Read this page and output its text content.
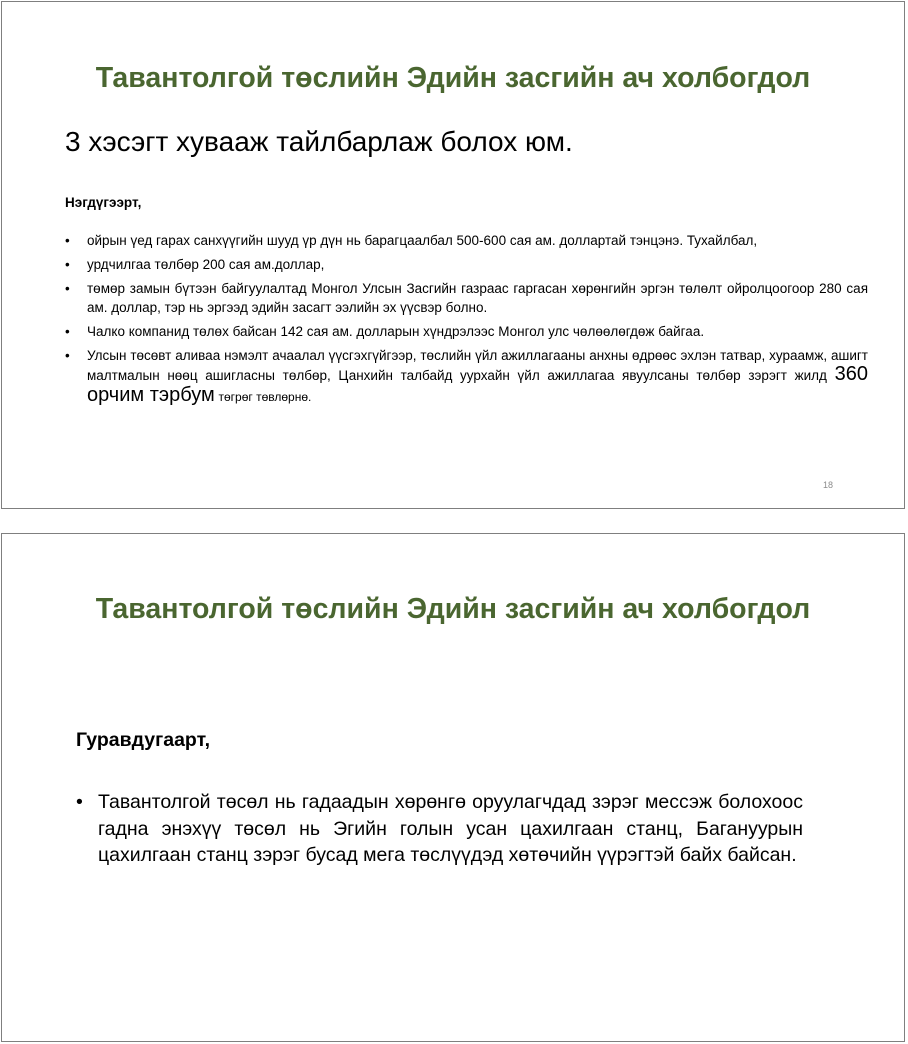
Тавантолгой төслийн Эдийн засгийн ач холбогдол
3 хэсэгт хувааж тайлбарлаж болох юм.
Нэгдүгээрт,
• ойрын үед гарах санхүүгийн шууд үр дүн нь барагцаалбал 500-600 сая ам. доллартай тэнцэнэ. Тухайлбал,
• урдчилгаа төлбөр 200 сая ам.доллар,
• төмөр замын бүтээн байгуулалтад Монгол Улсын Засгийн газраас гаргасан хөрөнгийн эргэн төлөлт ойролцоогоор 280 сая ам. доллар, тэр нь эргээд эдийн засагт ээлийн эх үүсвэр болно.
• Чалко компанид төлөх байсан 142 сая ам. долларын хүндрэлээс Монгол улс чөлөөлөгдөж байгаа.
• Улсын төсөвт аливаа нэмэлт ачаалал үүсгэхгүйгээр, төслийн үйл ажиллагааны анхны өдрөөс эхлэн татвар, хураамж, ашигт малтмалын нөөц ашигласны төлбөр, Цанхийн талбайд уурхайн үйл ажиллагаа явуулсаны төлбөр зэрэгт жилд 360 орчим тэрбум төгрөг төвлөрнө.
18
Тавантолгой төслийн Эдийн засгийн ач холбогдол
Гуравдугаарт,
• Тавантолгой төсөл нь гадаадын хөрөнгө оруулагчдад зэрэг мессэж болохоос гадна энэхүү төсөл нь Эгийн голын усан цахилгаан станц, Багануурын цахилгаан станц зэрэг бусад мега төслүүдэд хөтөчийн үүрэгтэй байх байсан.
